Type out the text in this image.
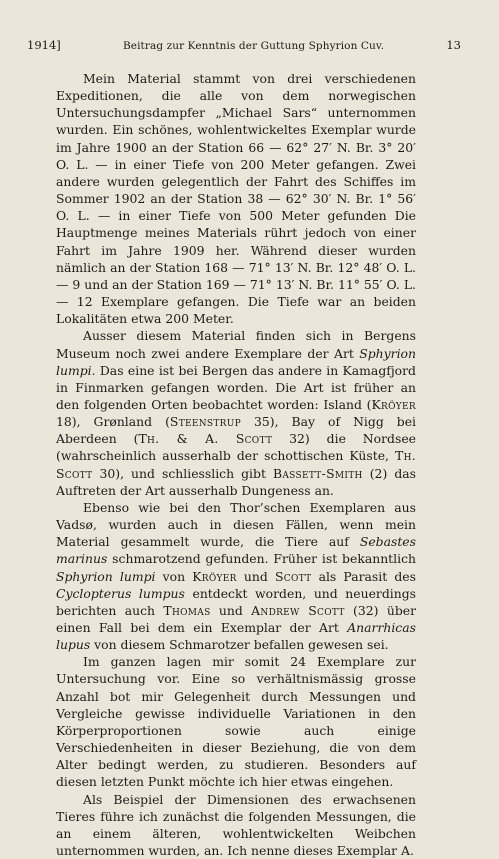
1914]	Beitrag zur Kenntnis der Guttung Sphyrion Cuv.	13

Mein Material stammt von drei verschiedenen Expeditionen, die alle von dem norwegischen Untersuchungsdampfer „Michael Sars“ unternommen wurden. Ein schönes, wohlentwickeltes Exemplar wurde im Jahre 1900 an der Station 66 — 62° 27′ N. Br. 3° 20′ O. L. — in einer Tiefe von 200 Meter gefangen. Zwei andere wurden gelegentlich der Fahrt des Schiffes im Sommer 1902 an der Station 38 — 62° 30′ N. Br. 1° 56′ O. L. — in einer Tiefe von 500 Meter gefunden Die Hauptmenge meines Materials rührt jedoch von einer Fahrt im Jahre 1909 her. Während dieser wurden nämlich an der Station 168 — 71° 13′ N. Br. 12° 48′ O. L. — 9 und an der Station 169 — 71° 13′ N. Br. 11° 55′ O. L. — 12 Exemplare gefangen. Die Tiefe war an beiden Lokalitäten etwa 200 Meter.

Ausser diesem Material finden sich in Bergens Museum noch zwei andere Exemplare der Art Sphyrion lumpi. Das eine ist bei Bergen das andere in Kamagfjord in Finmarken gefangen worden. Die Art ist früher an den folgenden Orten beobachtet worden: Island (Kröyer 18), Grønland (Steenstrup 35), Bay of Nigg bei Aberdeen (Th. & A. Scott 32) die Nordsee (wahrscheinlich ausserhalb der schottischen Küste, Th. Scott 30), und schliesslich gibt Bassett-Smith (2) das Auftreten der Art ausserhalb Dungeness an.

Ebenso wie bei den Thor’schen Exemplaren aus Vadsø, wurden auch in diesen Fällen, wenn mein Material gesammelt wurde, die Tiere auf Sebastes marinus schmarotzend gefunden. Früher ist bekanntlich Sphyrion lumpi von Kröyer und Scott als Parasit des Cyclopterus lumpus entdeckt worden, und neuerdings berichten auch Thomas und Andrew Scott (32) über einen Fall bei dem ein Exemplar der Art Anarrhicas lupus von diesem Schmarotzer befallen gewesen sei.

Im ganzen lagen mir somit 24 Exemplare zur Untersuchung vor. Eine so verhältnismässig grosse Anzahl bot mir Gelegenheit durch Messungen und Vergleiche gewisse individuelle Variationen in den Körperproportionen sowie auch einige Verschiedenheiten in dieser Beziehung, die von dem Alter bedingt werden, zu studieren. Besonders auf diesen letzten Punkt möchte ich hier etwas eingehen.

Als Beispiel der Dimensionen des erwachsenen Tieres führe ich zunächst die folgenden Messungen, die an einem älteren, wohlentwickelten Weibchen unternommen wurden, an. Ich nenne dieses Exemplar A.
